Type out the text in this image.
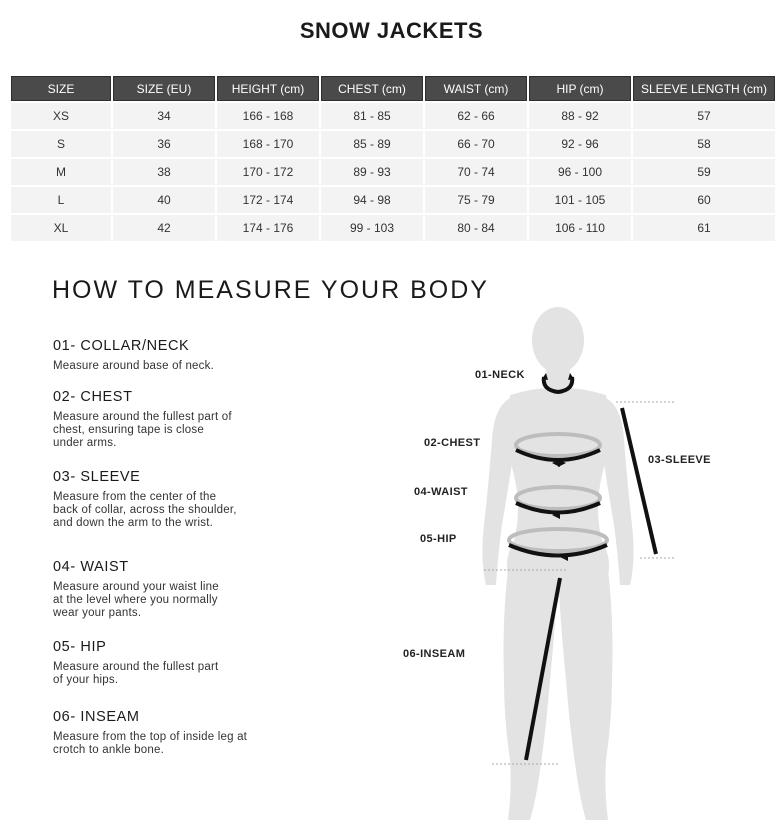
SNOW JACKETS
SIZE	SIZE (EU)	HEIGHT (cm)	CHEST (cm)	WAIST (cm)	HIP (cm)	SLEEVE LENGTH (cm)
XS	34	166 - 168	81 - 85	62 - 66	88 - 92	57
S	36	168 - 170	85 - 89	66 - 70	92 - 96	58
M	38	170 - 172	89 - 93	70 - 74	96 - 100	59
L	40	172 - 174	94 - 98	75 - 79	101 - 105	60
XL	42	174 - 176	99 - 103	80 - 84	106 - 110	61
HOW TO MEASURE YOUR BODY
01- COLLAR/NECK
Measure around base of neck.
02- CHEST
Measure around the fullest part of chest, ensuring tape is close under arms.
03- SLEEVE
Measure from the center of the back of collar, across the shoulder, and down the arm to the wrist.
04- WAIST
Measure around your waist line at the level where you normally wear your pants.
05- HIP
Measure around the fullest part of your hips.
06- INSEAM
Measure from the top of inside leg at crotch to ankle bone.
01-NECK
02-CHEST
03-SLEEVE
04-WAIST
05-HIP
06-INSEAM
